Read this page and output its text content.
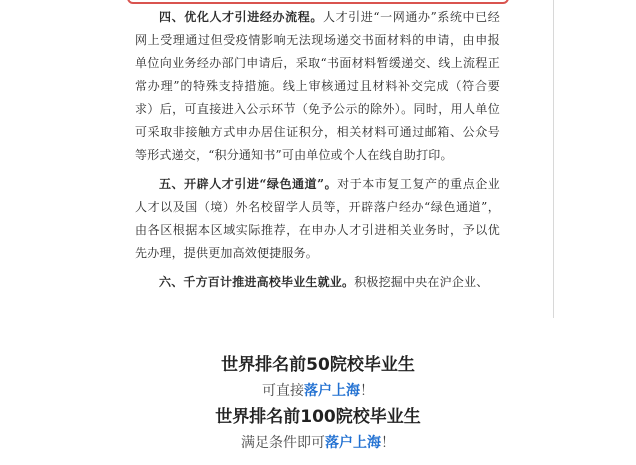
四、优化人才引进经办流程。人才引进“一网通办”系统中已经网上受理通过但受疫情影响无法现场递交书面材料的申请，由申报单位向业务经办部门申请后，采取“书面材料暂缓递交、线上流程正常办理”的特殊支持措施。线上审核通过且材料补交完成（符合要求）后，可直接进入公示环节（免予公示的除外）。同时，用人单位可采取非接触方式申办居住证积分，相关材料可通过邮箱、公众号等形式递交，“积分通知书”可由单位或个人在线自助打印。

五、开辟人才引进“绿色通道”。对于本市复工复产的重点企业人才以及国（境）外名校留学人员等，开辟落户经办“绿色通道”，由各区根据本区域实际推荐，在申办人才引进相关业务时，予以优先办理，提供更加高效便捷服务。

六、千方百计推进高校毕业生就业。积极挖掘中央在沪企业、

世界排名前50院校毕业生
可直接落户上海！
世界排名前100院校毕业生
满足条件即可落户上海！
